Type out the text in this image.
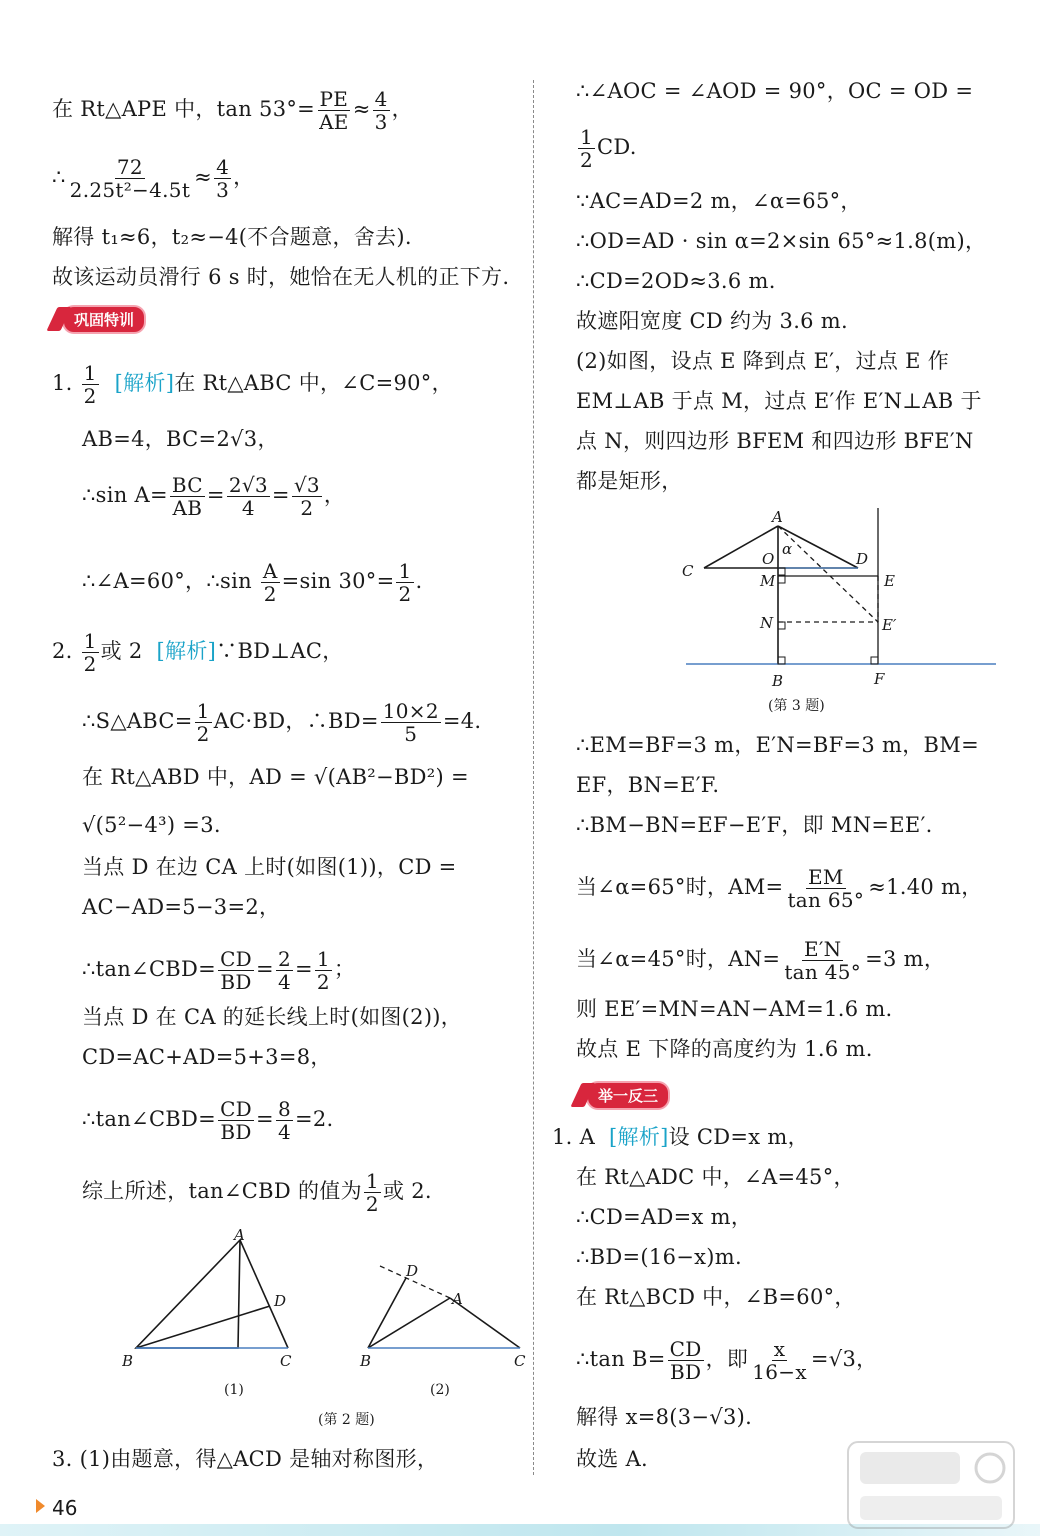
在 Rt△APE 中，$\tan 53^\circ= \frac{PE}{AE} \approx \frac{4}{3}$ ，
∴ $\frac{72}{\text{2.25t²−4.5t}} \approx \frac{4}{3}$ ，
解得 t₁≈6，t₂≈−4(不合题意，舍去).
故该运动员滑行 6 s 时，她恰在无人机的正下方.
巩固特训
1. $\frac{1}{2}$ [解析]在 Rt△ABC 中，∠C=90°，
AB=4，BC=2√3，
∴sin $A= \frac{BC}{AB} = \frac{2√3}{4} = \frac{√3}{2}$ ，
∴∠A=60°，∴sin $\frac{A}{2} =\sin$ $30^\circ= \frac{1}{2}$ .
2. $\frac{1}{2}$ 或 2 [解析]∵BD⊥AC，
∴S△ABC= $\frac{1}{2} AC\cdot BD$，∴BD= $\frac{10\times 2}{5} =4$.
在 Rt△ABD 中，AD = √(AB²−BD²) =
√(5²−4³) =3.
当点 D 在边 CA 上时(如图(1))，CD =
AC−AD=5−3=2，
∴tan∠CBD= $\frac{CD}{BD} = \frac{2}{4} = \frac{1}{2}$ ；
当点 D 在 CA 的延长线上时(如图(2))，
CD=AC+AD=5+3=8，
∴tan∠CBD= $\frac{CD}{BD} = \frac{8}{4} =2$.
综上所述，tan∠CBD 的值为 $\frac{1}{2}$ 或 2.
A
B	C
D
(1)
D
A
B	C
(2)
(第 2 题)
3. (1)由题意，得△ACD 是轴对称图形，
∴∠AOC = ∠AOD = 90°，OC = OD =
$\frac{1}{2}$ CD.
∵AC=AD=2 m，∠α=65°，
∴OD=AD · sin α=2×sin 65°≈1.8(m)，
∴CD=2OD≈3.6 m.
故遮阳宽度 CD 约为 3.6 m.
(2)如图，设点 E 降到点 E′，过点 E 作
EM⊥AB 于点 M，过点 E′作 E′N⊥AB 于
点 N，则四边形 BFEM 和四边形 BFE′N
都是矩形，
A
O
α
C
D
M	E
N	E′
B	F
(第 3 题)
∴EM=BF=3 m，E′N=BF=3 m，BM=
EF，BN=E′F.
∴BM−BN=EF−E′F，即 MN=EE′.
当∠α=65°时，$AM= \frac{EM}{\tan 65^\circ} \approx 1.40$ m，
当∠α=45°时，$AN= \frac{E'N}{\tan 45^\circ} =3$ m，
则 EE′=MN=AN−AM=1.6 m.
故点 E 下降的高度约为 1.6 m.
举一反三
1. A [解析]设 CD=x m，
在 Rt△ADC 中，∠A=45°，
∴CD=AD=x m，
∴BD=(16−x)m.
在 Rt△BCD 中，∠B=60°，
∴tan $B= \frac{CD}{BD}$ ，即 $\frac{x}{16-x} =√3$，
解得 x=8(3−√3).
故选 A.
46
